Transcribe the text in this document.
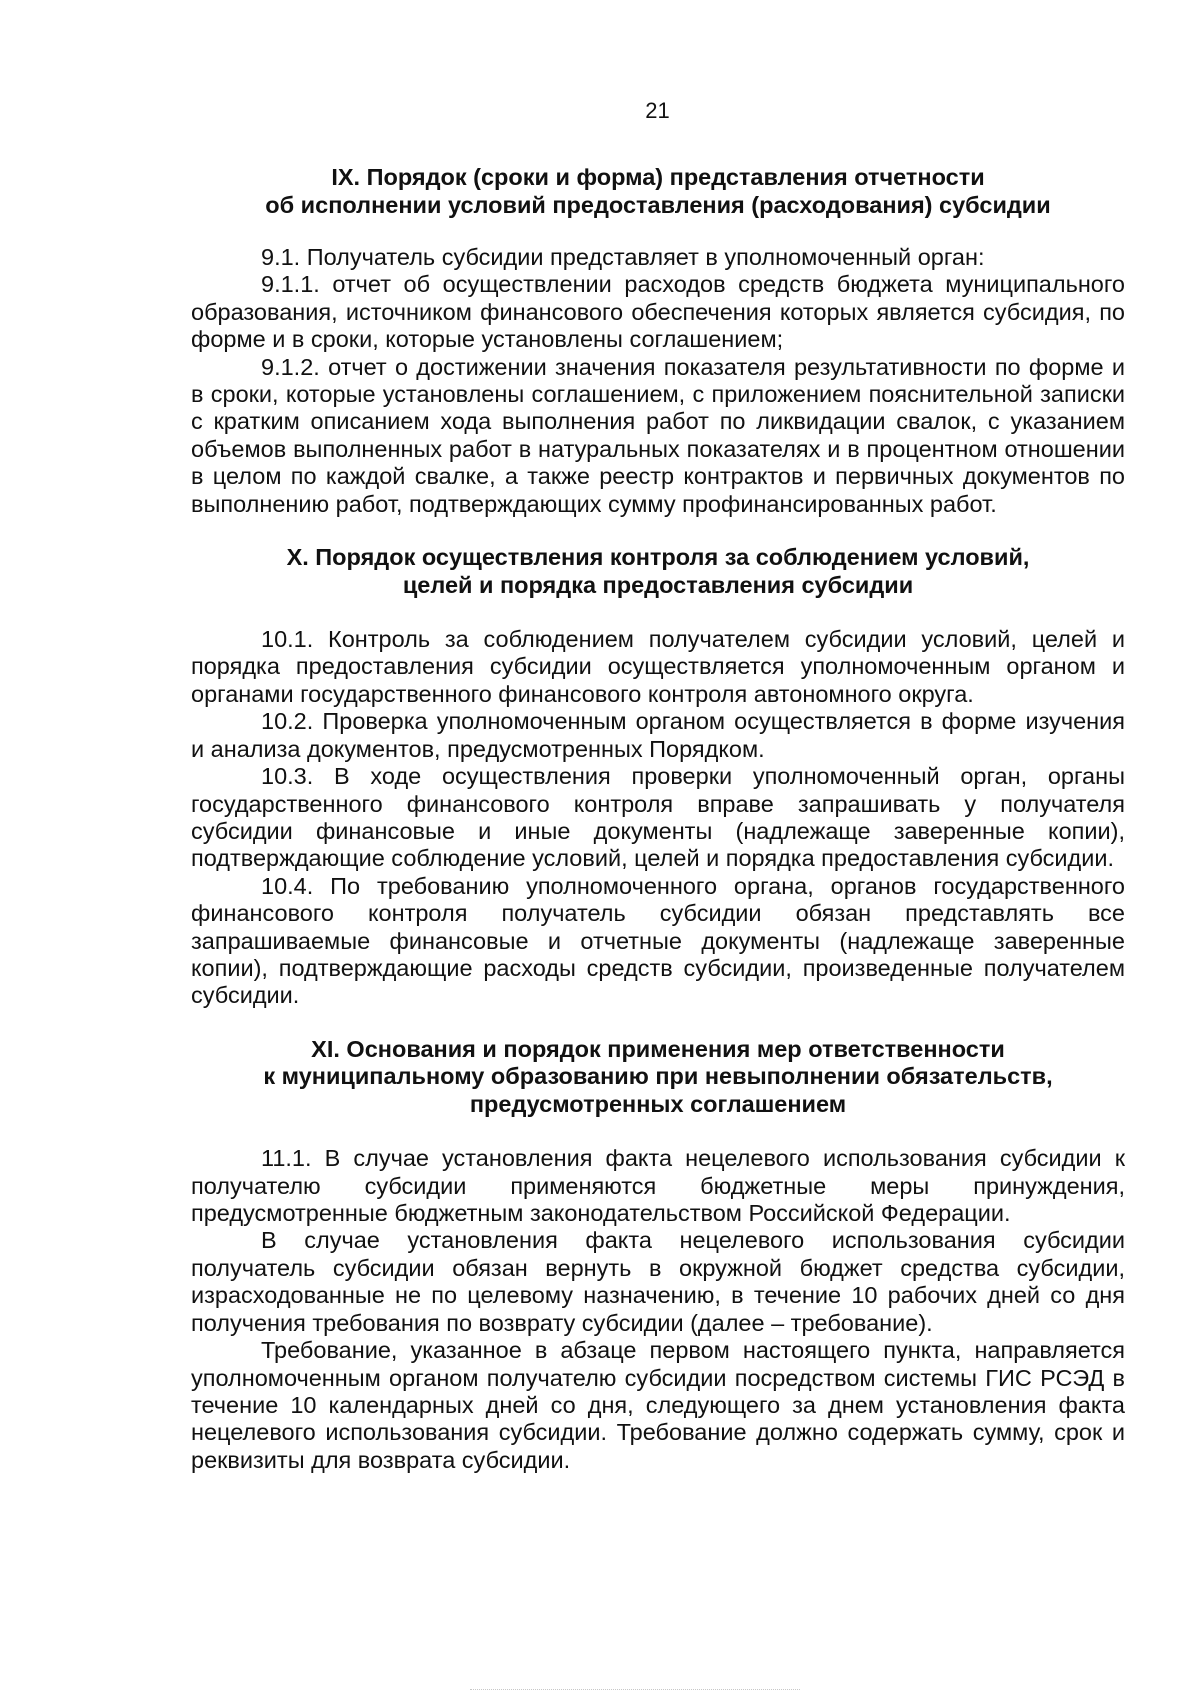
21
IX. Порядок (сроки и форма) представления отчетности
об исполнении условий предоставления (расходования) субсидии

9.1. Получатель субсидии представляет в уполномоченный орган:

9.1.1. отчет об осуществлении расходов средств бюджета муниципального образования, источником финансового обеспечения которых является субсидия, по форме и в сроки, которые установлены соглашением;

9.1.2. отчет о достижении значения показателя результативности по форме и в сроки, которые установлены соглашением, с приложением пояснительной записки с кратким описанием хода выполнения работ по ликвидации свалок, с указанием объемов выполненных работ в натуральных показателях и в процентном отношении в целом по каждой свалке, а также реестр контрактов и первичных документов по выполнению работ, подтверждающих сумму профинансированных работ.

X. Порядок осуществления контроля за соблюдением условий,
целей и порядка предоставления субсидии

10.1. Контроль за соблюдением получателем субсидии условий, целей и порядка предоставления субсидии осуществляется уполномоченным органом и органами государственного финансового контроля автономного округа.

10.2. Проверка уполномоченным органом осуществляется в форме изучения и анализа документов, предусмотренных Порядком.

10.3. В ходе осуществления проверки уполномоченный орган, органы государственного финансового контроля вправе запрашивать у получателя субсидии финансовые и иные документы (надлежаще заверенные копии), подтверждающие соблюдение условий, целей и порядка предоставления субсидии.

10.4. По требованию уполномоченного органа, органов государственного финансового контроля получатель субсидии обязан представлять все запрашиваемые финансовые и отчетные документы (надлежаще заверенные копии), подтверждающие расходы средств субсидии, произведенные получателем субсидии.

XI. Основания и порядок применения мер ответственности
к муниципальному образованию при невыполнении обязательств,
предусмотренных соглашением

11.1. В случае установления факта нецелевого использования субсидии к получателю субсидии применяются бюджетные меры принуждения, предусмотренные бюджетным законодательством Российской Федерации.

В случае установления факта нецелевого использования субсидии получатель субсидии обязан вернуть в окружной бюджет средства субсидии, израсходованные не по целевому назначению, в течение 10 рабочих дней со дня получения требования по возврату субсидии (далее – требование).

Требование, указанное в абзаце первом настоящего пункта, направляется уполномоченным органом получателю субсидии посредством системы ГИС РСЭД в течение 10 календарных дней со дня, следующего за днем установления факта нецелевого использования субсидии. Требование должно содержать сумму, срок и реквизиты для возврата субсидии.
